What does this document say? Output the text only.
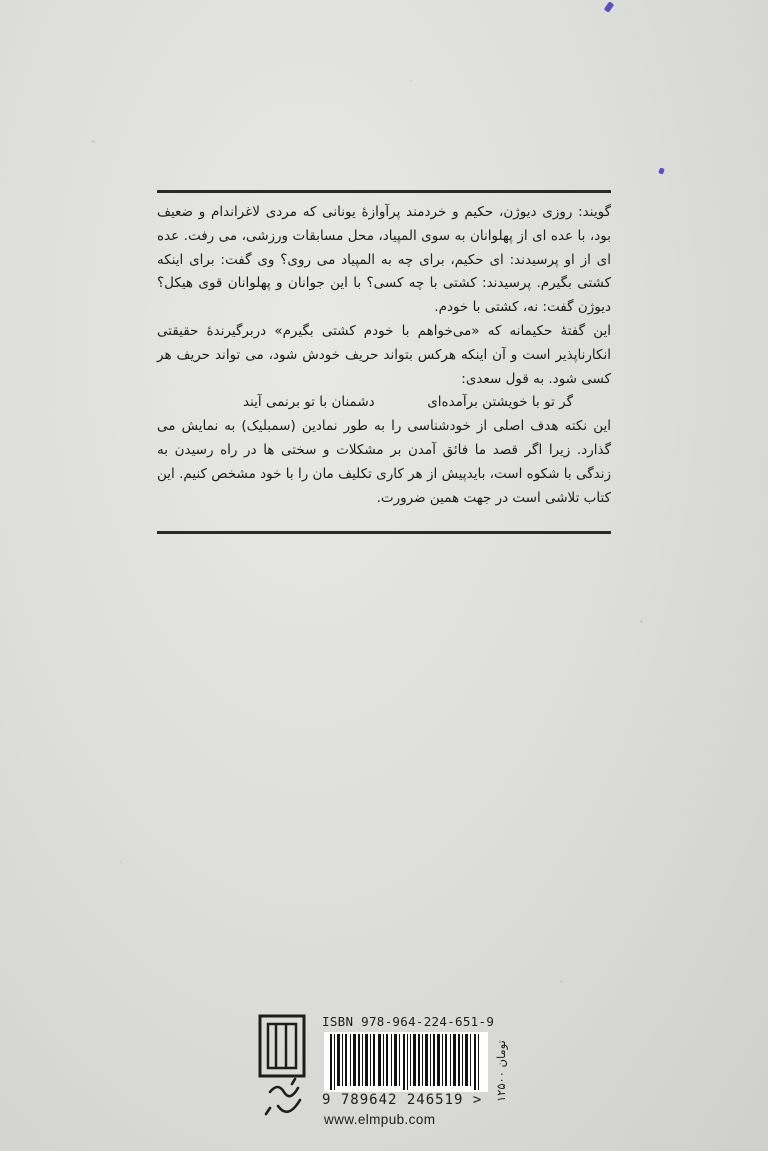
گویند: روزی دیوژن، حکیم و خردمند پرآوازهٔ یونانی که مردی لاغراندام و ضعیف بود، با عده ای از پهلوانان به سوی المپیاد، محل مسابقات ورزشی، می رفت. عده ای از او پرسیدند: ای حکیم، برای چه به المپیاد می روی؟ وی گفت: برای اینکه کشتی بگیرم. پرسیدند: کشتی با چه کسی؟ با این جوانان و پهلوانان قوی هیکل؟ دیوژن گفت: نه، کشتی با خودم.

این گفتهٔ حکیمانه که «می‌خواهم با خودم کشتی بگیرم» دربرگیرندهٔ حقیقتی انکارناپذیر است و آن اینکه هرکس بتواند حریف خودش شود، می تواند حریف هر کسی شود. به قول سعدی:

گر تو با خویشتن برآمده‌ای
دشمنان با تو برنمی آیند

این نکته هدف اصلی از خودشناسی را به طور نمادین (سمبلیک) به نمایش می گذارد. زیرا اگر قصد ما فائق آمدن بر مشکلات و سختی ها در راه رسیدن به زندگی با شکوه است، بایدپیش از هر کاری تکلیف مان را با خود مشخص کنیم. این کتاب تلاشی است در جهت همین ضرورت.

ISBN 978-964-224-651-9
9 789642 246519 >
www.elmpub.com
۱۲۵۰۰ تومان
